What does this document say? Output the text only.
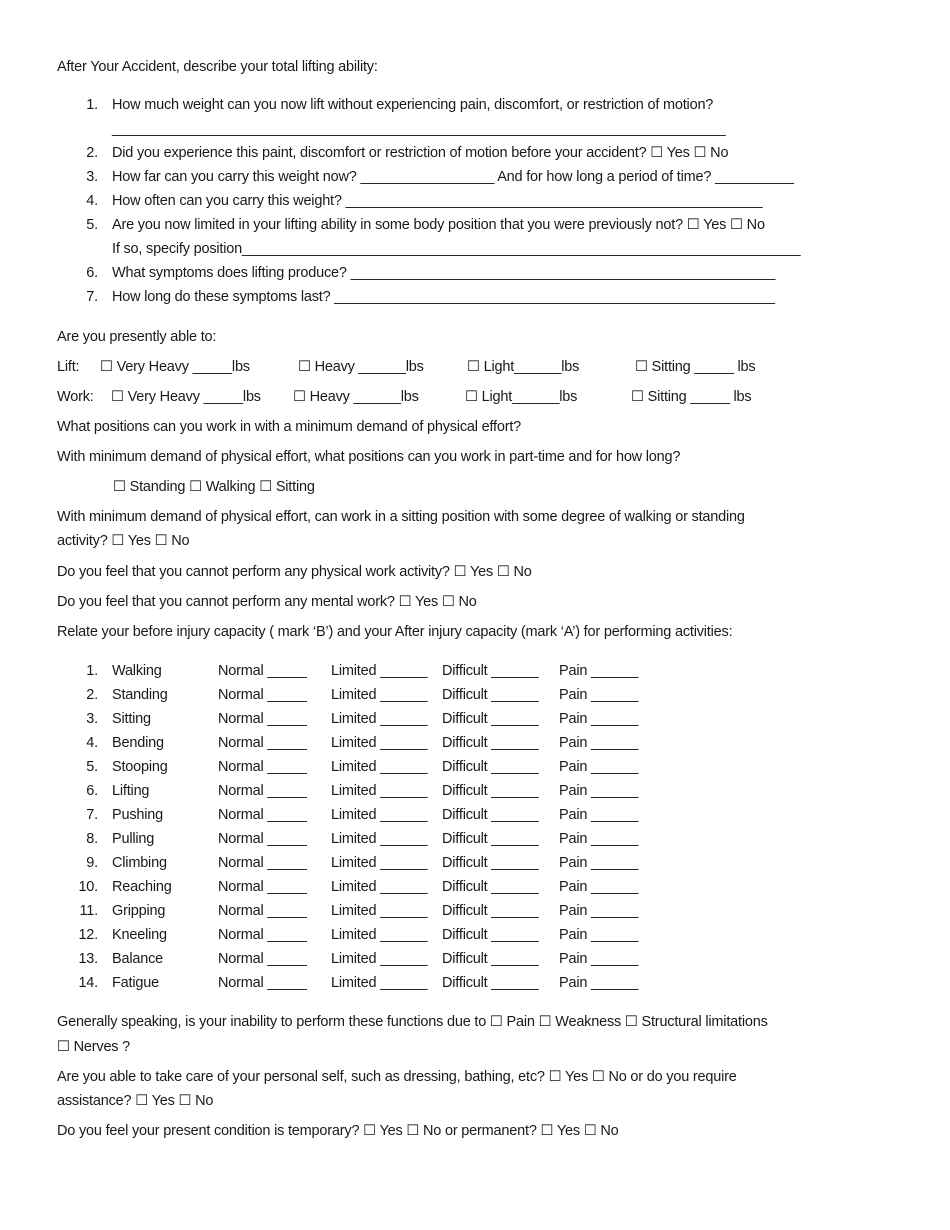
After Your Accident, describe your total lifting ability:
1. How much weight can you now lift without experiencing pain, discomfort, or restriction of motion?
______________________________________________________________________________
2. Did you experience this paint, discomfort or restriction of motion before your accident? ☐ Yes ☐ No
3. How far can you carry this weight now? _________________ And for how long a period of time? __________
4. How often can you carry this weight? _____________________________________________________
5. Are you now limited in your lifting ability in some body position that you were previously not? ☐ Yes ☐ No
If so, specify position_______________________________________________________________________
6. What symptoms does lifting produce? ______________________________________________________
7. How long do these symptoms last? ________________________________________________________
Are you presently able to:
Lift: ☐ Very Heavy _____lbs	☐ Heavy ______lbs	☐ Light______lbs	☐ Sitting _____ lbs
Work: ☐ Very Heavy _____lbs ☐ Heavy ______lbs	☐ Light______lbs	☐ Sitting _____ lbs
What positions can you work in with a minimum demand of physical effort?
With minimum demand of physical effort, what positions can you work in part-time and for how long?
☐ Standing ☐ Walking ☐ Sitting
With minimum demand of physical effort, can work in a sitting position with some degree of walking or standing
activity? ☐ Yes ☐ No
Do you feel that you cannot perform any physical work activity? ☐ Yes ☐ No
Do you feel that you cannot perform any mental work? ☐ Yes ☐ No
Relate your before injury capacity ( mark ‘B’) and your After injury capacity (mark ‘A’) for performing activities:
1. Walking	Normal _____ Limited ______ Difficult ______ Pain ______
2. Standing	Normal _____ Limited ______ Difficult ______ Pain ______
3. Sitting	Normal _____ Limited ______ Difficult ______ Pain ______
4. Bending	Normal _____ Limited ______ Difficult ______ Pain ______
5. Stooping	Normal _____ Limited ______ Difficult ______ Pain ______
6. Lifting	Normal _____ Limited ______ Difficult ______ Pain ______
7. Pushing	Normal _____ Limited ______ Difficult ______ Pain ______
8. Pulling	Normal _____ Limited ______ Difficult ______ Pain ______
9. Climbing	Normal _____ Limited ______ Difficult ______ Pain ______
10. Reaching	Normal _____ Limited ______ Difficult ______ Pain ______
11. Gripping	Normal _____ Limited ______ Difficult ______ Pain ______
12. Kneeling	Normal _____ Limited ______ Difficult ______ Pain ______
13. Balance	Normal _____ Limited ______ Difficult ______ Pain ______
14. Fatigue	Normal _____ Limited ______ Difficult ______ Pain ______
Generally speaking, is your inability to perform these functions due to ☐ Pain ☐ Weakness ☐ Structural limitations
☐ Nerves ?
Are you able to take care of your personal self, such as dressing, bathing, etc? ☐ Yes ☐ No or do you require
assistance? ☐ Yes ☐ No
Do you feel your present condition is temporary? ☐ Yes ☐ No or permanent? ☐ Yes ☐ No
